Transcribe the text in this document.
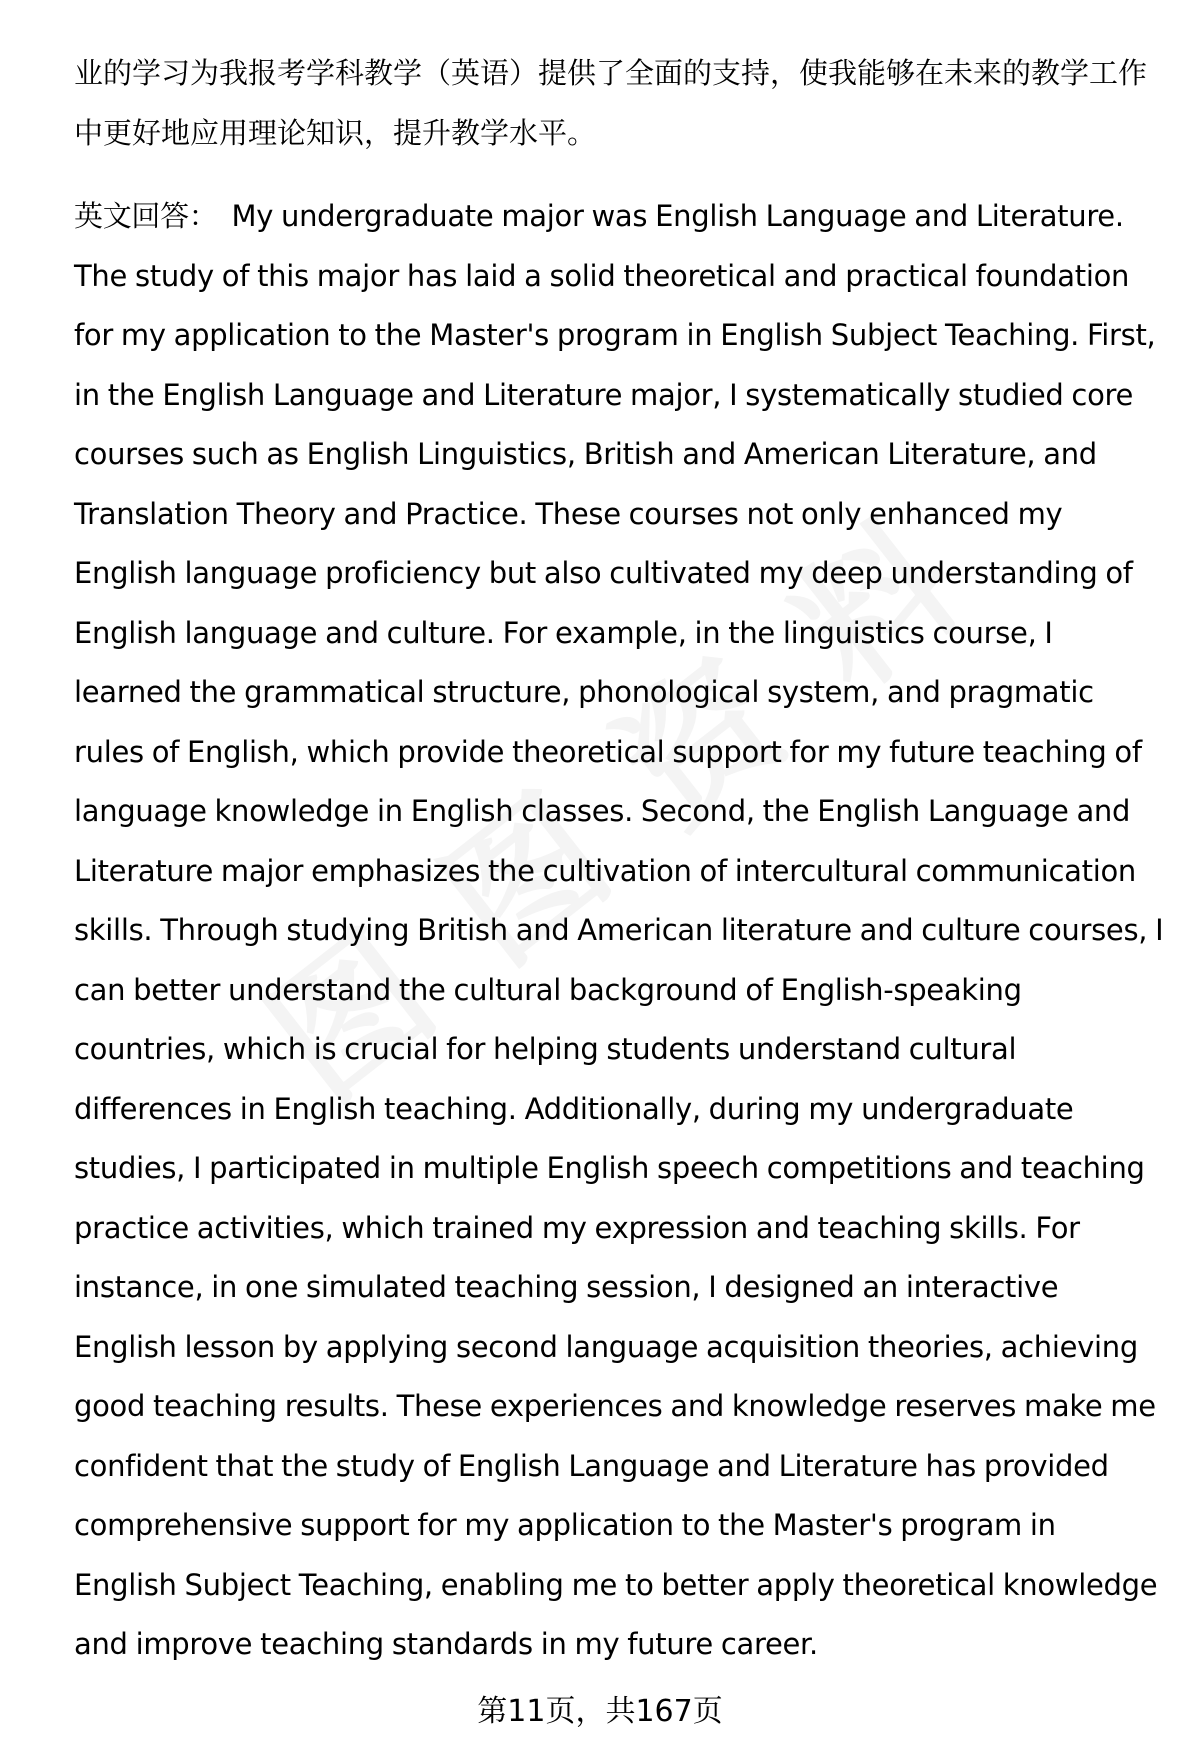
业的学习为我报考学科教学（英语）提供了全面的支持，使我能够在未来的教学工作中更好地应用理论知识，提升教学水平。

英文回答： My undergraduate major was English Language and Literature. The study of this major has laid a solid theoretical and practical foundation for my application to the Master's program in English Subject Teaching. First, in the English Language and Literature major, I systematically studied core courses such as English Linguistics, British and American Literature, and Translation Theory and Practice. These courses not only enhanced my English language proficiency but also cultivated my deep understanding of English language and culture. For example, in the linguistics course, I learned the grammatical structure, phonological system, and pragmatic rules of English, which provide theoretical support for my future teaching of language knowledge in English classes. Second, the English Language and Literature major emphasizes the cultivation of intercultural communication skills. Through studying British and American literature and culture courses, I can better understand the cultural background of English-speaking countries, which is crucial for helping students understand cultural differences in English teaching. Additionally, during my undergraduate studies, I participated in multiple English speech competitions and teaching practice activities, which trained my expression and teaching skills. For instance, in one simulated teaching session, I designed an interactive English lesson by applying second language acquisition theories, achieving good teaching results. These experiences and knowledge reserves make me confident that the study of English Language and Literature has provided comprehensive support for my application to the Master's program in English Subject Teaching, enabling me to better apply theoretical knowledge and improve teaching standards in my future career.

第11页，共167页
